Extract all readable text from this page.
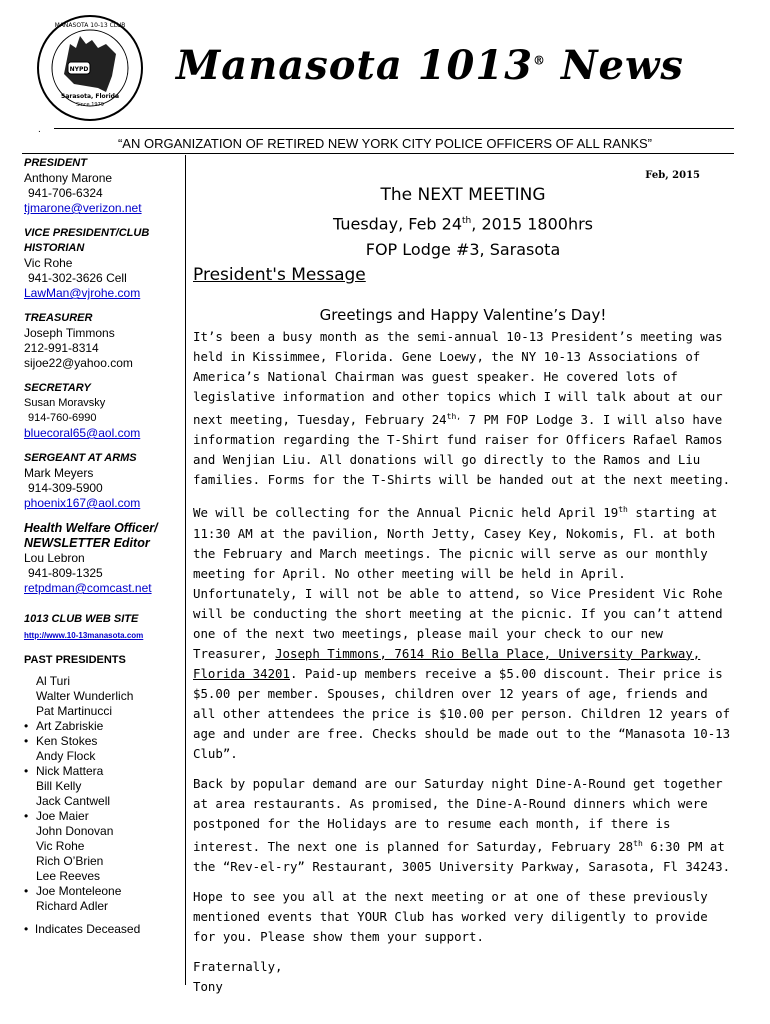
NYPD
MANASOTA 10-13 CLUB
Sarasota, Florida
Since 1979
Manasota 1013® News
.
“AN ORGANIZATION OF RETIRED NEW YORK CITY POLICE OFFICERS OF ALL RANKS”
PRESIDENT
Anthony Marone
941-706-6324
tjmarone@verizon.net
VICE PRESIDENT/CLUB HISTORIAN
Vic Rohe
941-302-3626 Cell
LawMan@vjrohe.com
TREASURER
Joseph Timmons
212-991-8314
sijoe22@yahoo.com
SECRETARY
Susan Moravsky
914-760-6990
bluecoral65@aol.com
SERGEANT AT ARMS
Mark Meyers
914-309-5900
phoenix167@aol.com
Health Welfare Officer/
NEWSLETTER Editor
Lou Lebron
941-809-1325
retpdman@comcast.net
1013 CLUB WEB SITE
http://www.10-13manasota.com
PAST PRESIDENTS
Al Turi
Walter Wunderlich
Pat Martinucci
• Art Zabriskie
• Ken Stokes
Andy Flock
• Nick Mattera
Bill Kelly
Jack Cantwell
• Joe Maier
John Donovan
Vic Rohe
Rich O’Brien
Lee Reeves
• Joe Monteleone
Richard Adler
•  Indicates Deceased
Feb, 2015
The NEXT MEETING
Tuesday, Feb 24th, 2015 1800hrs
FOP Lodge #3, Sarasota
President's Message
Greetings and Happy Valentine’s Day!

It’s been a busy month as the semi-annual 10-13 President’s meeting was held in Kissimmee, Florida. Gene Loewy, the NY 10-13 Associations of America’s National Chairman was guest speaker. He covered lots of legislative information and other topics which I will talk about at our next meeting, Tuesday, February $24^{th,}$ 7 PM FOP Lodge 3. I will also have information regarding the T-Shirt fund raiser for Officers Rafael Ramos and Wenjian Liu. All donations will go directly to the Ramos and Liu families. Forms for the T-Shirts will be handed out at the next meeting.

We will be collecting for the Annual Picnic held April 19th starting at 11:30 AM at the pavilion, North Jetty, Casey Key, Nokomis, Fl. at both the February and March meetings. The picnic will serve as our monthly meeting for April. No other meeting will be held in April. Unfortunately, I will not be able to attend, so Vice President Vic Rohe will be conducting the short meeting at the picnic. If you can’t attend one of the next two meetings, please mail your check to our new Treasurer, Joseph Timmons, 7614 Rio Bella Place, University Parkway, Florida 34201. Paid-up members receive a $5.00 discount. Their price is $5.00 per member. Spouses, children over 12 years of age, friends and all other attendees the price is $10.00 per person. Children 12 years of age and under are free. Checks should be made out to the “Manasota 10-13 Club”.

Back by popular demand are our Saturday night Dine-A-Round get together at area restaurants. As promised, the Dine-A-Round dinners which were postponed for the Holidays are to resume each month, if there is interest. The next one is planned for Saturday, February 28th 6:30 PM at the “Rev-el-ry” Restaurant, 3005 University Parkway, Sarasota, Fl 34243.

Hope to see you all at the next meeting or at one of these previously mentioned events that YOUR Club has worked very diligently to provide for you. Please show them your support.

Fraternally,
Tony
